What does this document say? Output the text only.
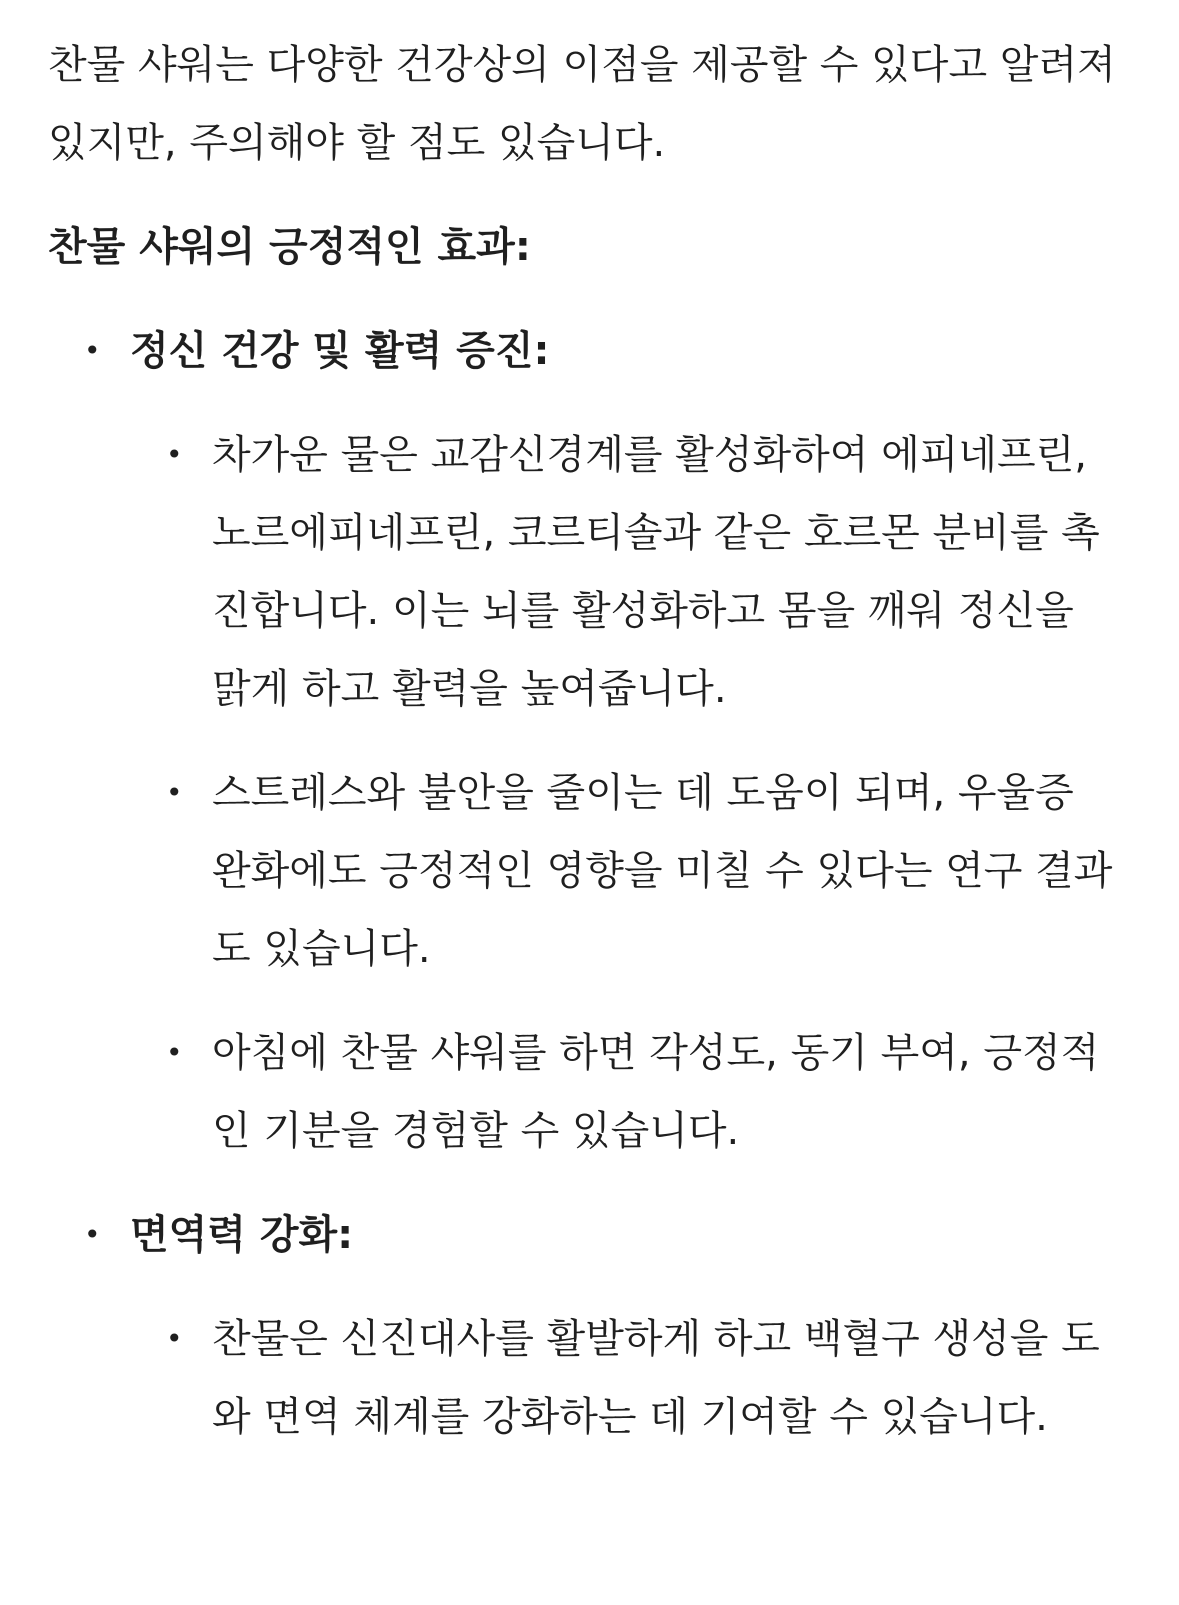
찬물 샤워는 다양한 건강상의 이점을 제공할 수 있다고 알려져 있지만, 주의해야 할 점도 있습니다.

찬물 샤워의 긍정적인 효과:

• 정신 건강 및 활력 증진:

• 차가운 물은 교감신경계를 활성화하여 에피네프린, 노르에피네프린, 코르티솔과 같은 호르몬 분비를 촉진합니다. 이는 뇌를 활성화하고 몸을 깨워 정신을 맑게 하고 활력을 높여줍니다.
• 스트레스와 불안을 줄이는 데 도움이 되며, 우울증 완화에도 긍정적인 영향을 미칠 수 있다는 연구 결과도 있습니다.
• 아침에 찬물 샤워를 하면 각성도, 동기 부여, 긍정적인 기분을 경험할 수 있습니다.
• 면역력 강화:

• 찬물은 신진대사를 활발하게 하고 백혈구 생성을 도와 면역 체계를 강화하는 데 기여할 수 있습니다.
